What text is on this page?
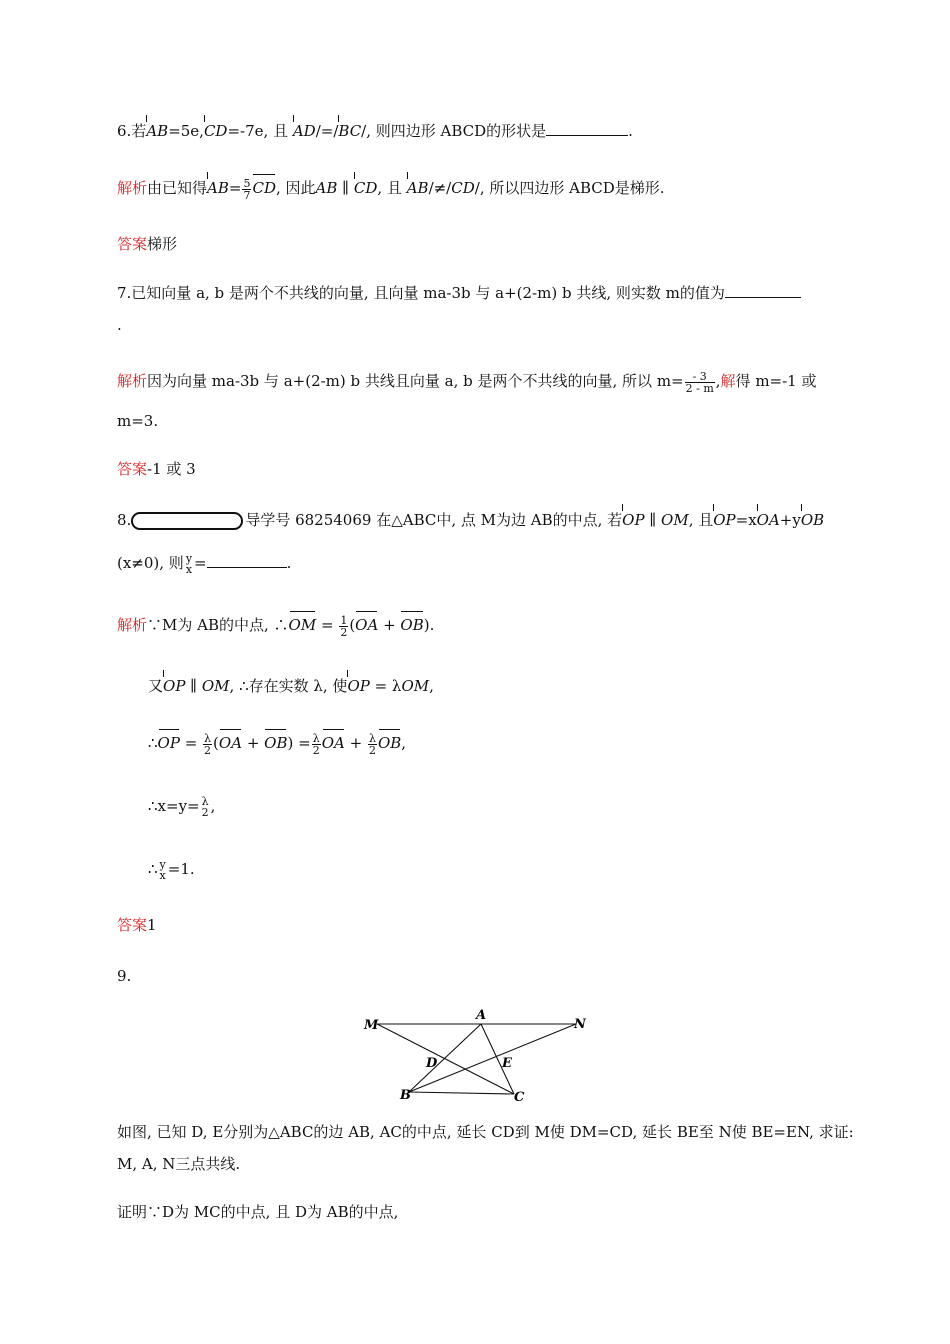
6.若AB=5e,CD=-7e, 且 AD/=/BC/, 则四边形 ABCD的形状是	.
解析由已知得$AB= \frac{5}{7}$ CD, 因此AB ∥ CD, 且 AB/≠/CD/, 所以四边形 ABCD是梯形.
答案梯形
7.已知向量 a, b 是两个不共线的向量, 且向量 ma-3b 与 a+(2-m) b 共线, 则实数 m的值为
.
解析因为向量 ma-3b 与 a+(2-m) b 共线且向量 a, b 是两个不共线的向量, 所以 $m= \frac{- 3}{2 - m}$ ,解得 m=-1 或
m=3.
答案-1 或 3
8.	导学号 68254069 在△ABC中, 点 M为边 AB的中点, 若OP ∥ OM, 且OP=xOA+yOB
(x≠0), 则 y
x =	.
解析∵M为 AB的中点, ∴OM = $\frac{1}{2} (OA + OB)$.
又OP ∥ OM, ∴存在实数 λ, 使OP = λOM,
∴OP = $\frac{\lambda}{2} (OA + OB) = \frac{\lambda}{2}$ OA + $\frac{\lambda}{2}$ OB,
∴x=y= λ
2 ,
∴ y
x =1.
答案1
9.
M
A
N
D	E
B	C
如图, 已知 D, E分别为△ABC的边 AB, AC的中点, 延长 CD到 M使 DM=CD, 延长 BE至 N使 BE=EN, 求证:
M, A, N三点共线.
证明∵D为 MC的中点, 且 D为 AB的中点,
